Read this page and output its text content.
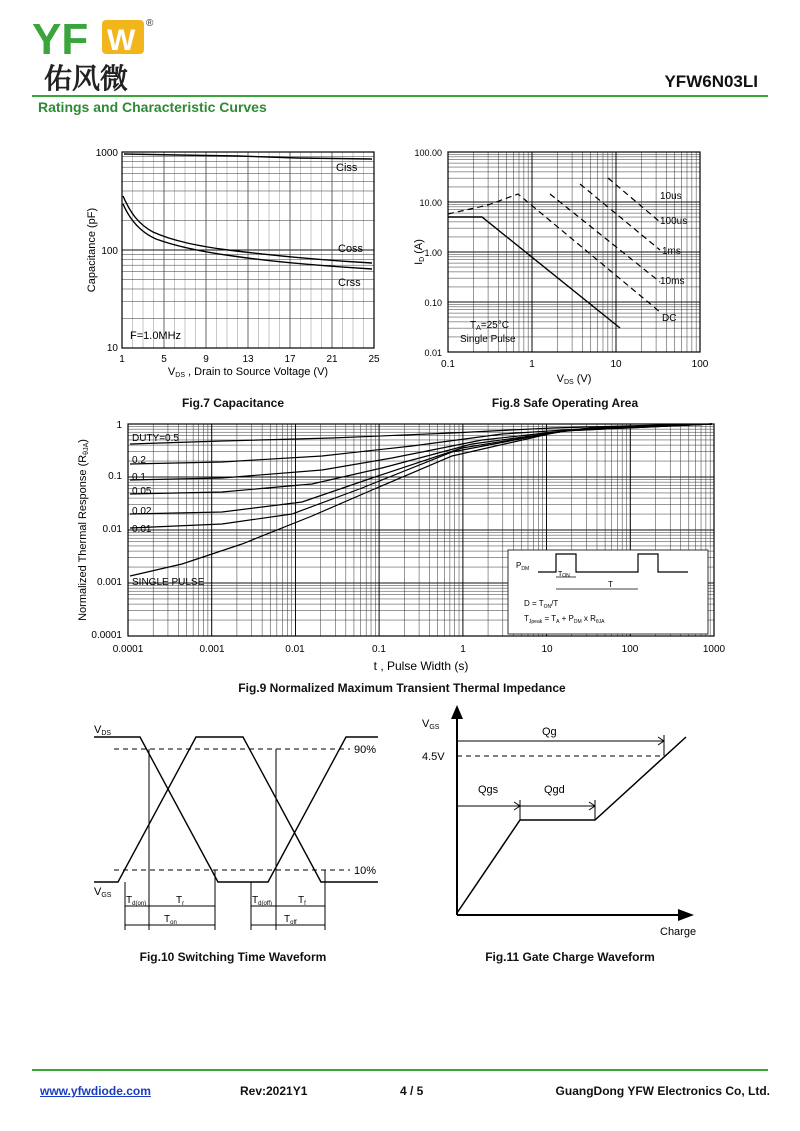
YF W
®
佑风微	YFW6N03LI
Ratings and Characteristic Curves
Ciss
Coss
Crss
F=1.0MHz
1000
100
10
1	5	9	13	17	21	25
VDS , Drain to Source Voltage (V)
Capacitance (pF)
Fig.7 Capacitance
10us
100us
1ms
10ms
DC
$T_A=25^\circ C$
Single Pulse
100.00
10.00
1.00
0.10
0.01
0.1	1	10	100
VDS (V)
ID (A)
Fig.8 Safe Operating Area
DUTY=0.5
0.2
0.1
0.05
0.02
0.01
SINGLE PULSE
$P_{DM}$
TON
T
$D = T_{ON}/T$
$T_{Jpeak} = T_A + P_{DM}$ x $R_{\theta JA}$
1
0.1
0.01
0.001
0.0001
0.0001	0.001	0.01	0.1	1	10	100	1000
t , Pulse Width (s)
Normalized Thermal Response (RθJA)
Fig.9 Normalized Maximum Transient Thermal Impedance
VDS
VGS
90%
10%
$T_{d(on)}$	$T_r$	$T_{d(off)}$	$T_f$
$T_{on}$	$T_{off}$
Fig.10 Switching Time Waveform
VGS
4.5V
Qg
Qgs	Qgd
Charge
Fig.11 Gate Charge Waveform
www.yfwdiode.com	Rev:2021Y1	4 / 5	GuangDong YFW Electronics Co, Ltd.
